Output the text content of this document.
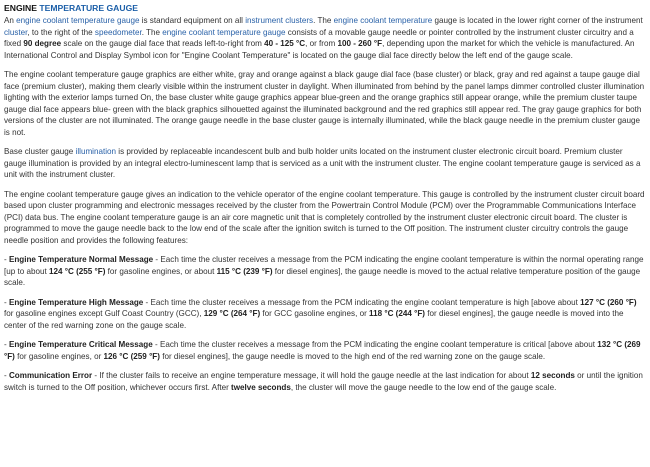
ENGINE TEMPERATURE GAUGE

An engine coolant temperature gauge is standard equipment on all instrument clusters. The engine coolant temperature gauge is located in the lower right corner of the instrument cluster, to the right of the speedometer. The engine coolant temperature gauge consists of a movable gauge needle or pointer controlled by the instrument cluster circuitry and a fixed 90 degree scale on the gauge dial face that reads left-to-right from 40 - 125 °C, or from 100 - 260 °F, depending upon the market for which the vehicle is manufactured. An International Control and Display Symbol icon for "Engine Coolant Temperature" is located on the gauge dial face directly below the left end of the gauge scale.

The engine coolant temperature gauge graphics are either white, gray and orange against a black gauge dial face (base cluster) or black, gray and red against a taupe gauge dial face (premium cluster), making them clearly visible within the instrument cluster in daylight. When illuminated from behind by the panel lamps dimmer controlled cluster illumination lighting with the exterior lamps turned On, the base cluster white gauge graphics appear blue-green and the orange graphics still appear orange, while the premium cluster taupe gauge dial face appears blue- green with the black graphics silhouetted against the illuminated background and the red graphics still appear red. The gray gauge graphics for both versions of the cluster are not illuminated. The orange gauge needle in the base cluster gauge is internally illuminated, while the black gauge needle in the premium cluster gauge is not.

Base cluster gauge illumination is provided by replaceable incandescent bulb and bulb holder units located on the instrument cluster electronic circuit board. Premium cluster gauge illumination is provided by an integral electro-luminescent lamp that is serviced as a unit with the instrument cluster. The engine coolant temperature gauge is serviced as a unit with the instrument cluster.

The engine coolant temperature gauge gives an indication to the vehicle operator of the engine coolant temperature. This gauge is controlled by the instrument cluster circuit board based upon cluster programming and electronic messages received by the cluster from the Powertrain Control Module (PCM) over the Programmable Communications Interface (PCI) data bus. The engine coolant temperature gauge is an air core magnetic unit that is completely controlled by the instrument cluster electronic circuit board. The cluster is programmed to move the gauge needle back to the low end of the scale after the ignition switch is turned to the Off position. The instrument cluster circuitry controls the gauge needle position and provides the following features:

- Engine Temperature Normal Message - Each time the cluster receives a message from the PCM indicating the engine coolant temperature is within the normal operating range [up to about 124 °C (255 °F) for gasoline engines, or about 115 °C (239 °F) for diesel engines], the gauge needle is moved to the actual relative temperature position of the gauge scale.

- Engine Temperature High Message - Each time the cluster receives a message from the PCM indicating the engine coolant temperature is high [above about 127 °C (260 °F) for gasoline engines except Gulf Coast Country (GCC), 129 °C (264 °F) for GCC gasoline engines, or 118 °C (244 °F) for diesel engines], the gauge needle is moved into the center of the red warning zone on the gauge scale.

- Engine Temperature Critical Message - Each time the cluster receives a message from the PCM indicating the engine coolant temperature is critical [above about 132 °C (269 °F) for gasoline engines, or 126 °C (259 °F) for diesel engines], the gauge needle is moved to the high end of the red warning zone on the gauge scale.

- Communication Error - If the cluster fails to receive an engine temperature message, it will hold the gauge needle at the last indication for about 12 seconds or until the ignition switch is turned to the Off position, whichever occurs first. After twelve seconds, the cluster will move the gauge needle to the low end of the gauge scale.
